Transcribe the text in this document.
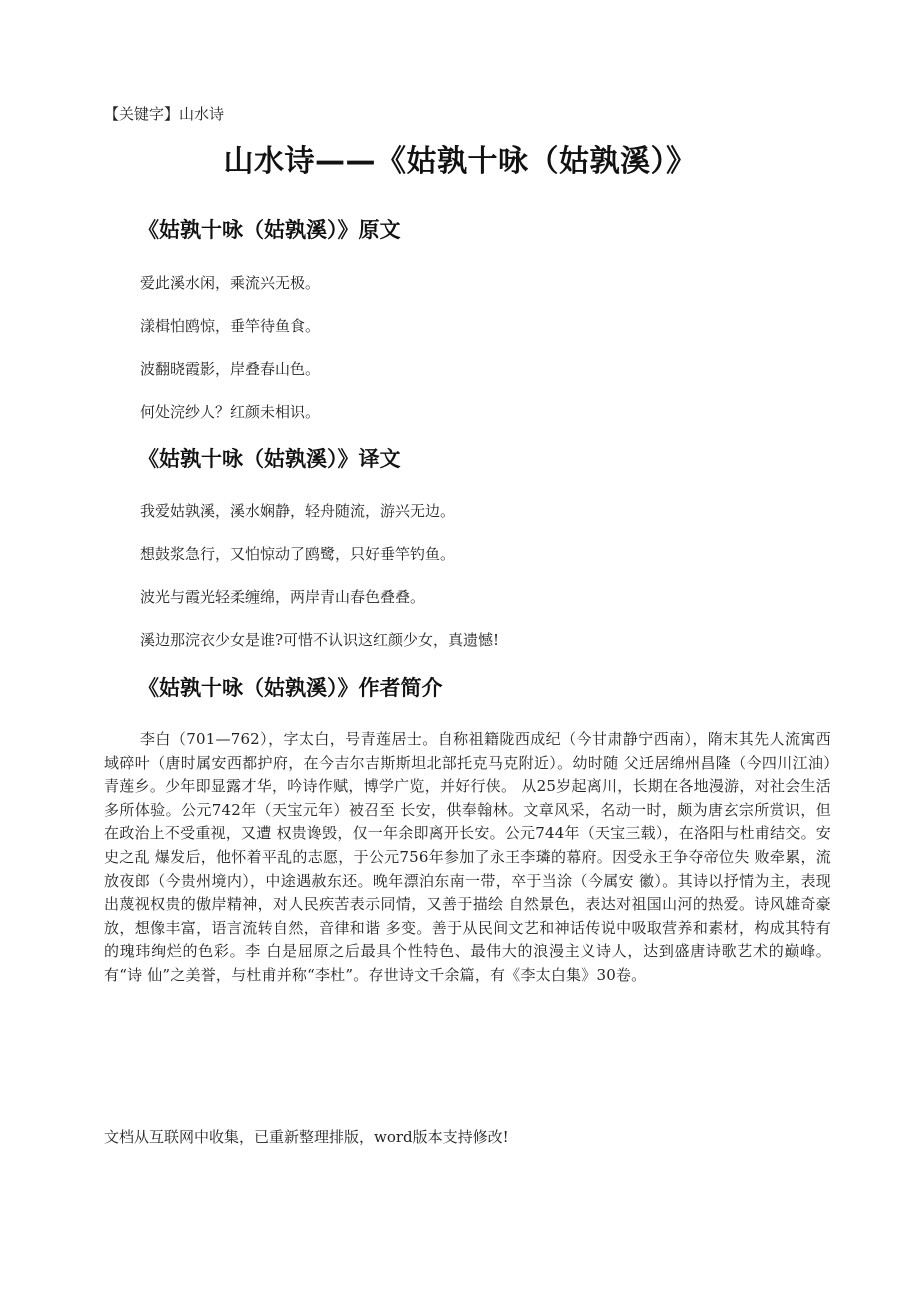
【关键字】山水诗
山水诗——《姑孰十咏（姑孰溪）》
《姑孰十咏（姑孰溪）》原文
爱此溪水闲，乘流兴无极。
漾楫怕鸥惊，垂竿待鱼食。
波翻晓霞影，岸叠春山色。
何处浣纱人？红颜未相识。
《姑孰十咏（姑孰溪）》译文
我爱姑孰溪，溪水娴静，轻舟随流，游兴无边。
想鼓浆急行，又怕惊动了鸥鹭，只好垂竿钓鱼。
波光与霞光轻柔缠绵，两岸青山春色叠叠。
溪边那浣衣少女是谁?可惜不认识这红颜少女，真遗憾!
《姑孰十咏（姑孰溪）》作者简介
李白（701—762），字太白，号青莲居士。自称祖籍陇西成纪（今甘肃静宁西南），隋末其先人流寓西域碎叶（唐时属安西都护府，在今吉尔吉斯斯坦北部托克马克附近）。幼时随 父迁居绵州昌隆（今四川江油）青莲乡。少年即显露才华，吟诗作赋，博学广览，并好行侠。 从25岁起离川，长期在各地漫游，对社会生活多所体验。公元742年（天宝元年）被召至 长安，供奉翰林。文章风采，名动一时，颇为唐玄宗所赏识，但在政治上不受重视，又遭 权贵谗毁，仅一年余即离开长安。公元744年（天宝三载），在洛阳与杜甫结交。安史之乱 爆发后，他怀着平乱的志愿，于公元756年参加了永王李璘的幕府。因受永王争夺帝位失 败牵累，流放夜郎（今贵州境内），中途遇赦东还。晚年漂泊东南一带，卒于当涂（今属安 徽）。其诗以抒情为主，表现出蔑视权贵的傲岸精神，对人民疾苦表示同情，又善于描绘 自然景色，表达对祖国山河的热爱。诗风雄奇豪放，想像丰富，语言流转自然，音律和谐 多变。善于从民间文艺和神话传说中吸取营养和素材，构成其特有的瑰玮绚烂的色彩。李 白是屈原之后最具个性特色、最伟大的浪漫主义诗人，达到盛唐诗歌艺术的巅峰。有“诗 仙”之美誉，与杜甫并称“李杜”。存世诗文千余篇，有《李太白集》30卷。
文档从互联网中收集，已重新整理排版，word版本支持修改!
